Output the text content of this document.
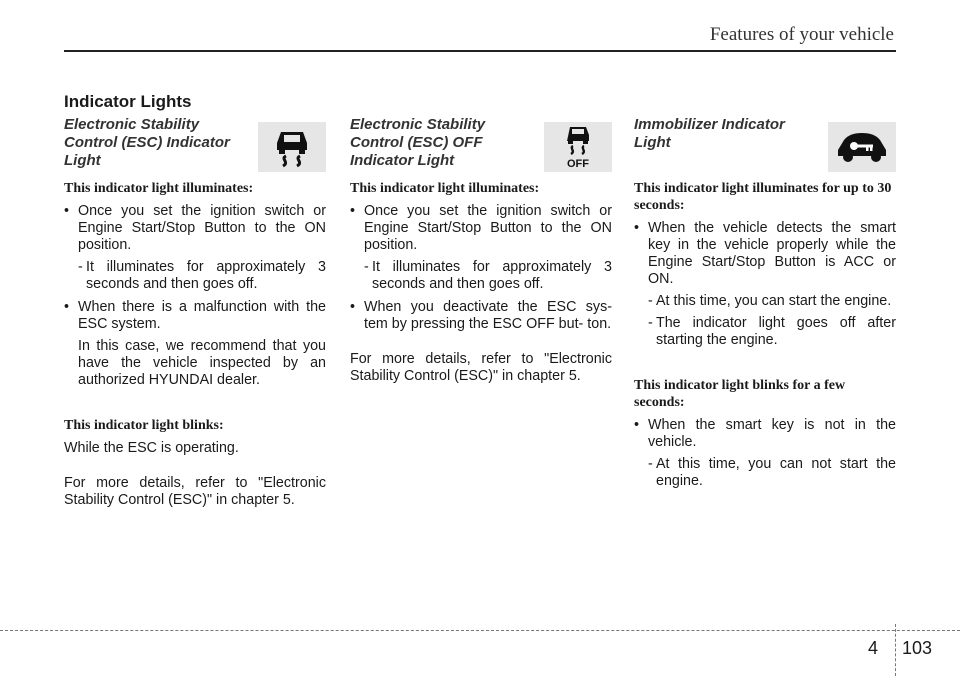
Features of your vehicle
Indicator Lights
Electronic Stability Control (ESC) Indicator Light
This indicator light illuminates:
• Once you set the ignition switch or Engine Start/Stop Button to the ON position.
- It illuminates for approximately 3 seconds and then goes off.
• When there is a malfunction with the ESC system.
In this case, we recommend that you have the vehicle inspected by an authorized HYUNDAI dealer.
This indicator light blinks:
While the ESC is operating.
For more details, refer to "Electronic Stability Control (ESC)" in chapter 5.
Electronic Stability Control (ESC) OFF Indicator Light	OFF
This indicator light illuminates:
• Once you set the ignition switch or Engine Start/Stop Button to the ON position.
- It illuminates for approximately 3 seconds and then goes off.
• When you deactivate the ESC sys- tem by pressing the ESC OFF but- ton.
For more details, refer to "Electronic Stability Control (ESC)" in chapter 5.
Immobilizer Indicator Light
This indicator light illuminates for up to 30 seconds:
• When the vehicle detects the smart key in the vehicle properly while the Engine Start/Stop Button is ACC or ON.
- At this time, you can start the engine.
- The indicator light goes off after starting the engine.
This indicator light blinks for a few seconds:
• When the smart key is not in the vehicle.
- At this time, you can not start the engine.
4 103
